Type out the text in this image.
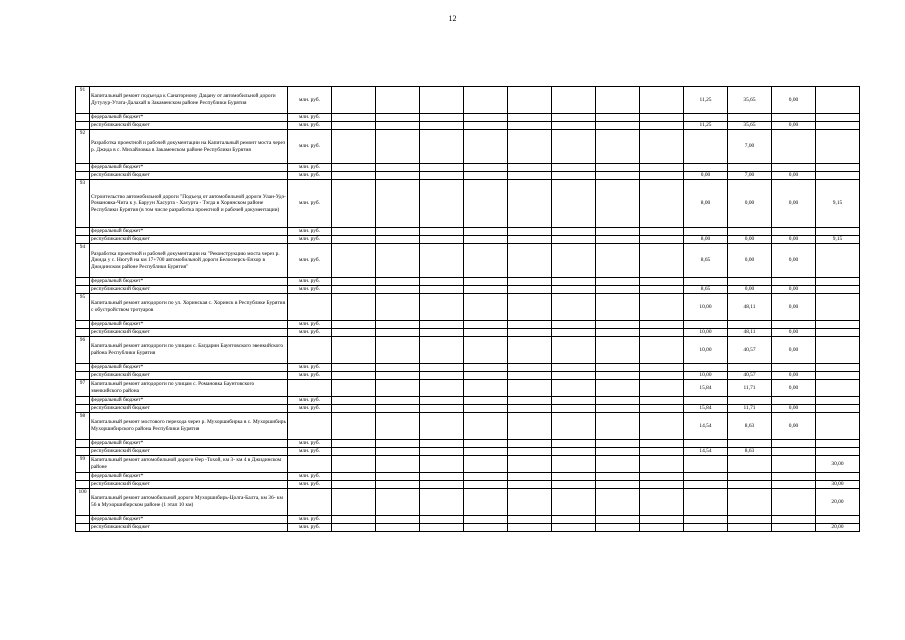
12
91	Капитальный ремонт подъезда к Санаторному Дацану от автомобильной дороги Дутулур-Утата-Далахай в Закаменском районе Республики Бурятия	млн. руб.									11,25	35,65	0,00		
	федеральный бюджет*	млн. руб.													
	республиканский бюджет	млн. руб.									11,25	35,65	0,00		
92	Разработка проектной и рабочей документации на Капитальный ремонт моста через р. Джида в с. Михайловка в Закаменском районе Республики Бурятия	млн. руб.										7,00			
	федеральный бюджет*	млн. руб.													
	республиканский бюджет	млн. руб.									0,00	7,00	0,00		
93	Строительство автомобильной дороги "Подъезд от автомобильной дороги Улан-Удэ-Романовка-Чита к у. Баруун Хасурта - Хасурта - Тэгда в Хоринском районе Республики Бурятия (в том числе разработка проектной и рабочей документации)	млн. руб.									8,00	0,00	0,00	9,15	
	федеральный бюджет*	млн. руб.													
	республиканский бюджет	млн. руб.									8,00	0,00	0,00	9,15	
94	Разработка проектной и рабочей документации на "Реконструкцию моста через р. Джида у с. Нюгуй на км 17+700 автомобильной дороги Белоозерск-Енхор в Джидинском районе Республики Бурятия"	млн. руб.									8,65	0,00	0,00		
	федеральный бюджет*	млн. руб.													
	республиканский бюджет	млн. руб.									8,65	0,00	0,00		
95	Капитальный ремонт автодороги по ул. Хоринская с. Хоринск в Республике Бурятия с обустройством тротуаров										10,00	48,11	0,00		
	федеральный бюджет*	млн. руб.													
	республиканский бюджет	млн. руб.									10,00	48,11	0,00		
96	Капитальный ремонт автодороги по улицам с. Багдарин Баунтовского эвенкийского района Республики Бурятия										10,00	40,57	0,00		
	федеральный бюджет*	млн. руб.													
	республиканский бюджет	млн. руб.									10,00	40,57	0,00		
97	Капитальный ремонт автодороги по улицам с. Романовка Баунтовского эвенкийского района										15,84	11,71	0,00		
	федеральный бюджет*	млн. руб.													
	республиканский бюджет	млн. руб.									15,84	11,71	0,00		
98	Капитальный ремонт мостового перехода через р. Мухоршибирка в с. Мухоршибирь Мухоршибирского района Республики Бурятия										14,54	8,63	0,00		
	федеральный бюджет*	млн. руб.													
	республиканский бюджет	млн. руб.									14,54	8,63			
99	Капитальный ремонт автомобильной дороги Өер -Тохой, км 3- км 4 в Джидинском районе													30,00	
	федеральный бюджет*	млн. руб.													
	республиканский бюджет	млн. руб.												30,00	
100	Капитальный ремонт автомобильной дороги Мухоршибирь-Цолга-Балта, км 36- км 56 в Мухоршибирском районе (1 этап 10 км)													20,00	
	федеральный бюджет*	млн. руб.													
	республиканский бюджет	млн. руб.												20,00	
